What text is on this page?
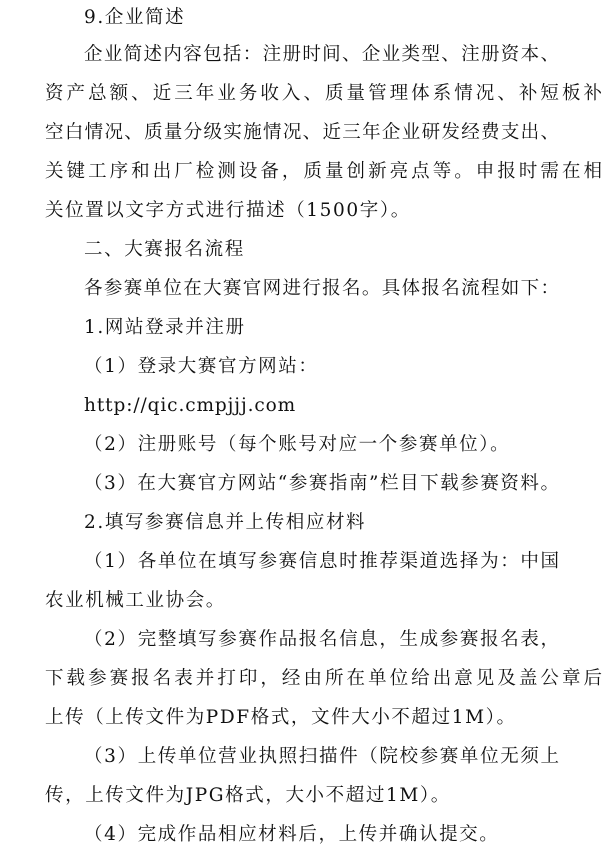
9.企业简述
企业简述内容包括：注册时间、企业类型、注册资本、
资产总额、近三年业务收入、质量管理体系情况、补短板补
空白情况、质量分级实施情况、近三年企业研发经费支出、
关键工序和出厂检测设备，质量创新亮点等。申报时需在相
关位置以文字方式进行描述（1500字）。
二、大赛报名流程
各参赛单位在大赛官网进行报名。具体报名流程如下：
1.网站登录并注册
（1）登录大赛官方网站：
http://qic.cmpjjj.com
（2）注册账号（每个账号对应一个参赛单位）。
（3）在大赛官方网站“参赛指南”栏目下载参赛资料。
2.填写参赛信息并上传相应材料
（1）各单位在填写参赛信息时推荐渠道选择为：中国
农业机械工业协会。
（2）完整填写参赛作品报名信息，生成参赛报名表，
下载参赛报名表并打印，经由所在单位给出意见及盖公章后
上传（上传文件为PDF格式，文件大小不超过1M）。
（3）上传单位营业执照扫描件（院校参赛单位无须上
传，上传文件为JPG格式，大小不超过1M）。
（4）完成作品相应材料后，上传并确认提交。
